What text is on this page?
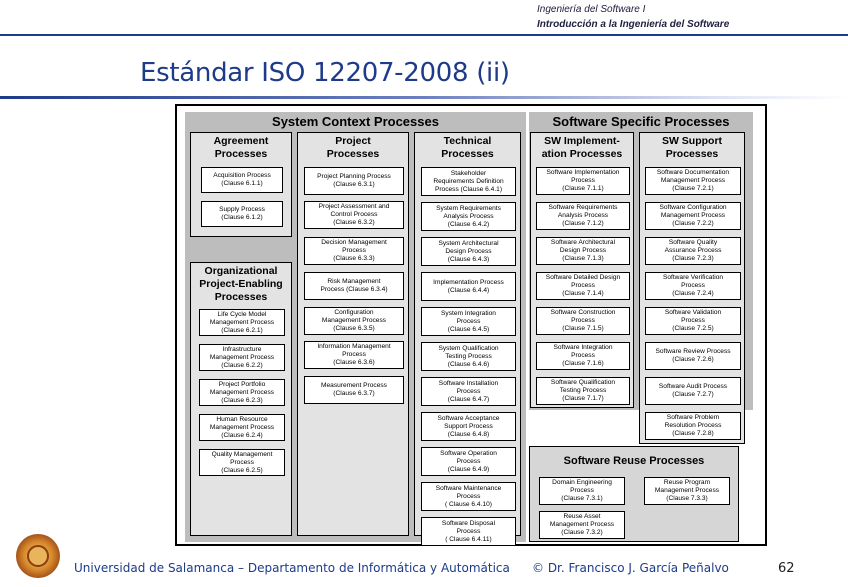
Ingeniería del Software I
Introducción a la Ingeniería del Software
Estándar ISO 12207-2008 (ii)
System Context Processes
Agreement
Processes
Acquisition Process
(Clause 6.1.1)
Supply Process
(Clause 6.1.2)
Organizational
Project-Enabling
Processes
Life Cycle Model
Management Process
(Clause 6.2.1)
Infrastructure
Management Process
(Clause 6.2.2)
Project Portfolio
Management Process
(Clause 6.2.3)
Human Resource
Management Process
(Clause 6.2.4)
Quality Management
Process
(Clause 6.2.5)
Project
Processes
Project Planning Process
(Clause 6.3.1)
Project Assessment and
Control Process
(Clause 6.3.2)
Decision Management
Process
(Clause 6.3.3)
Risk Management
Process (Clause 6.3.4)
Configuration
Management Process
(Clause 6.3.5)
Information Management
Process
(Clause 6.3.6)
Measurement Process
(Clause 6.3.7)
Technical
Processes
Stakeholder
Requirements Definition
Process (Clause 6.4.1)
System Requirements
Analysis Process
(Clause 6.4.2)
System Architectural
Design Process
(Clause 6.4.3)
Implementation Process
(Clause 6.4.4)
System Integration
Process
(Clause 6.4.5)
System Qualification
Testing Process
(Clause 6.4.6)
Software Installation
Process
(Clause 6.4.7)
Software Acceptance
Support Process
(Clause 6.4.8)
Software Operation
Process
(Clause 6.4.9)
Software Maintenance
Process
( Clause 6.4.10)
Software Disposal
Process
( Clause 6.4.11)
Software Specific Processes
SW Implement-
ation Processes
Software Implementation
Process
(Clause 7.1.1)
Software Requirements
Analysis Process
(Clause 7.1.2)
Software Architectural
Design Process
(Clause 7.1.3)
Software Detailed Design
Process
(Clause 7.1.4)
Software Construction
Process
(Clause 7.1.5)
Software Integration
Process
(Clause 7.1.6)
Software Qualification
Testing Process
(Clause 7.1.7)
SW Support
Processes
Software Documentation
Management Process
(Clause 7.2.1)
Software Configuration
Management Process
(Clause 7.2.2)
Software Quality
Assurance Process
(Clause 7.2.3)
Software Verification
Process
(Clause 7.2.4)
Software Validation
Process
(Clause 7.2.5)
Software Review Process
(Clause 7.2.6)
Software Audit Process
(Clause 7.2.7)
Software Problem
Resolution Process
(Clause 7.2.8)
Software Reuse Processes
Domain Engineering
Process
(Clause 7.3.1)
Reuse Program
Management Process
(Clause 7.3.3)
Reuse Asset
Management Process
(Clause 7.3.2)
Universidad de Salamanca – Departamento de Informática y Automática © Dr. Francisco J. García Peñalvo	62
